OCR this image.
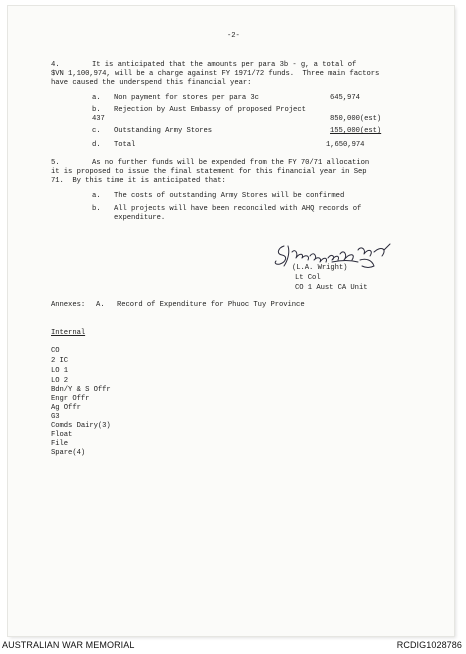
-2-
4.	It is anticipated that the amounts per para 3b - g, a total of
$VN 1,100,974, will be a charge against FY 1971/72 funds.  Three main factors
have caused the underspend this financial year:
a. Non payment for stores per para 3c	645,974
b. Rejection by Aust Embassy of proposed Project
437	850,000(est)
c. Outstanding Army Stores	155,000(est)
d. Total	1,650,974
5.	As no further funds will be expended from the FY 70/71 allocation
it is proposed to issue the final statement for this financial year in Sep
71.  By this time it is anticipated that:
a. The costs of outstanding Army Stores will be confirmed
b. All projects will have been reconciled with AHQ records of
expenditure.
(L.A. Wright)
Lt Col
CO 1 Aust CA Unit
Annexes: A. Record of Expenditure for Phuoc Tuy Province
Internal
CO
2 IC
LO 1
LO 2
Bdn/Y & S Offr
Engr Offr
Ag Offr
G3
Comds Dairy(3)
Float
File
Spare(4)
AUSTRALIAN WAR MEMORIAL	RCDIG1028786
